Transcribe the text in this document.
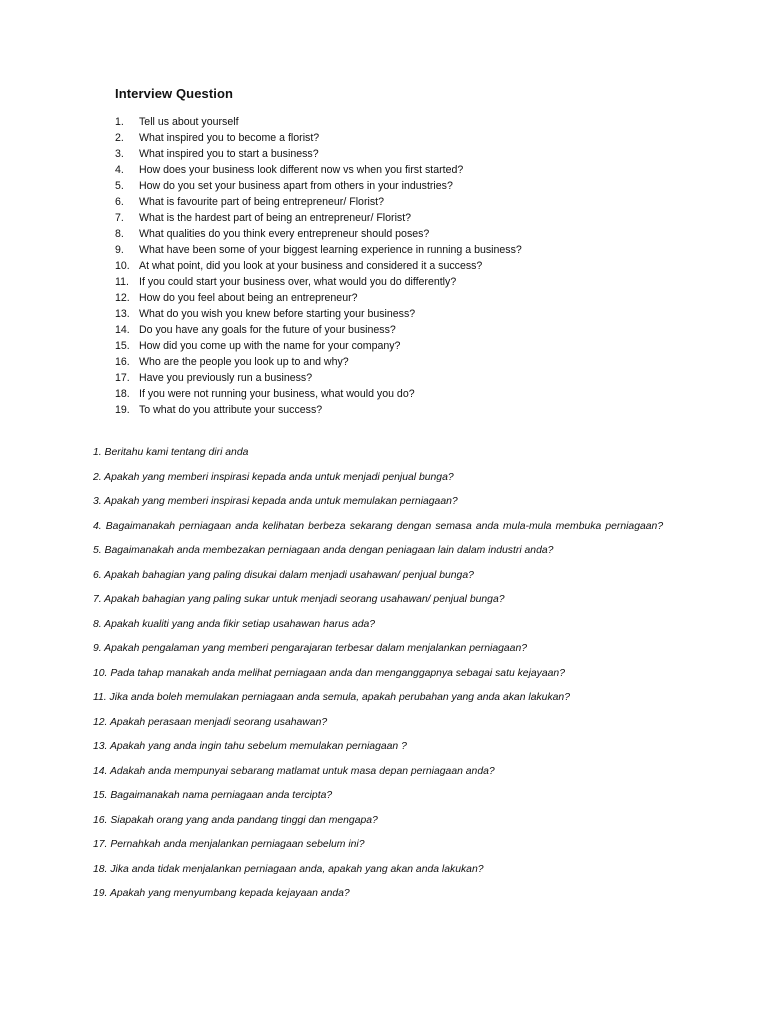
Interview Question
1.	Tell us about yourself
2.	What inspired you to become a florist?
3.	What inspired you to start a business?
4.	How does your business look different now vs when you first started?
5.	How do you set your business apart from others in your industries?
6.	What is favourite part of being entrepreneur/ Florist?
7.	What is the hardest part of being an entrepreneur/ Florist?
8.	What qualities do you think every entrepreneur should poses?
9.	What have been some of your biggest learning experience in running a business?
10. At what point, did you look at your business and considered it a success?
11. If you could start your business over, what would you do differently?
12. How do you feel about being an entrepreneur?
13. What do you wish you knew before starting your business?
14. Do you have any goals for the future of your business?
15. How did you come up with the name for your company?
16. Who are the people you look up to and why?
17. Have you previously run a business?
18. If you were not running your business, what would you do?
19. To what do you attribute your success?
1. Beritahu kami tentang diri anda
2. Apakah yang memberi inspirasi kepada anda untuk menjadi penjual bunga?
3. Apakah yang memberi inspirasi kepada anda untuk memulakan perniagaan?
4. Bagaimanakah perniagaan anda kelihatan berbeza sekarang dengan semasa anda mula-mula membuka perniagaan?
5. Bagaimanakah anda membezakan perniagaan anda dengan peniagaan lain dalam industri anda?
6. Apakah bahagian yang paling disukai dalam menjadi usahawan/ penjual bunga?
7. Apakah bahagian yang paling sukar untuk menjadi seorang usahawan/ penjual bunga?
8. Apakah kualiti yang anda fikir setiap usahawan harus ada?
9. Apakah pengalaman yang memberi pengarajaran terbesar dalam menjalankan perniagaan?
10. Pada tahap manakah anda melihat perniagaan anda dan menganggapnya sebagai satu kejayaan?
11. Jika anda boleh memulakan perniagaan anda semula, apakah perubahan yang anda akan lakukan?
12. Apakah perasaan menjadi seorang usahawan?
13. Apakah yang anda ingin tahu sebelum memulakan perniagaan ?
14. Adakah anda mempunyai sebarang matlamat untuk masa depan perniagaan anda?
15. Bagaimanakah nama perniagaan anda tercipta?
16. Siapakah orang yang anda pandang tinggi dan mengapa?
17. Pernahkah anda menjalankan perniagaan sebelum ini?
18. Jika anda tidak menjalankan perniagaan anda, apakah yang akan anda lakukan?
19. Apakah yang menyumbang kepada kejayaan anda?
